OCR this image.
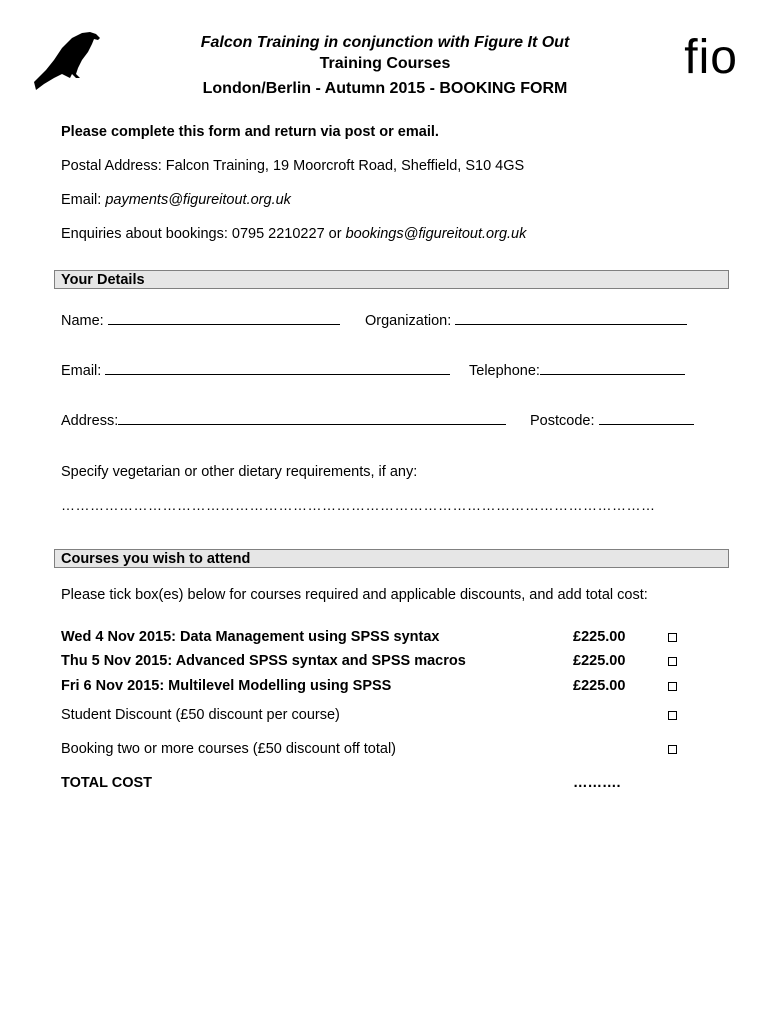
Falcon Training in conjunction with Figure It Out
Training Courses
London/Berlin - Autumn 2015 - BOOKING FORM
fio
Please complete this form and return via post or email.
Postal Address: Falcon Training, 19 Moorcroft Road, Sheffield, S10 4GS
Email: payments@figureitout.org.uk
Enquiries about bookings: 0795 2210227 or bookings@figureitout.org.uk
Your Details
Name:	Organization:
Email:	Telephone:
Address:	Postcode:
Specify vegetarian or other dietary requirements, if any:
……………………………………………………………………………………………………………
Courses you wish to attend
Please tick box(es) below for courses required and applicable discounts, and add total cost:
Wed 4 Nov 2015: Data Management using SPSS syntax	£225.00
Thu 5 Nov 2015: Advanced SPSS syntax and SPSS macros	£225.00
Fri 6 Nov 2015: Multilevel Modelling using SPSS	£225.00
Student Discount (£50 discount per course)
Booking two or more courses (£50 discount off total)
TOTAL COST	……….
